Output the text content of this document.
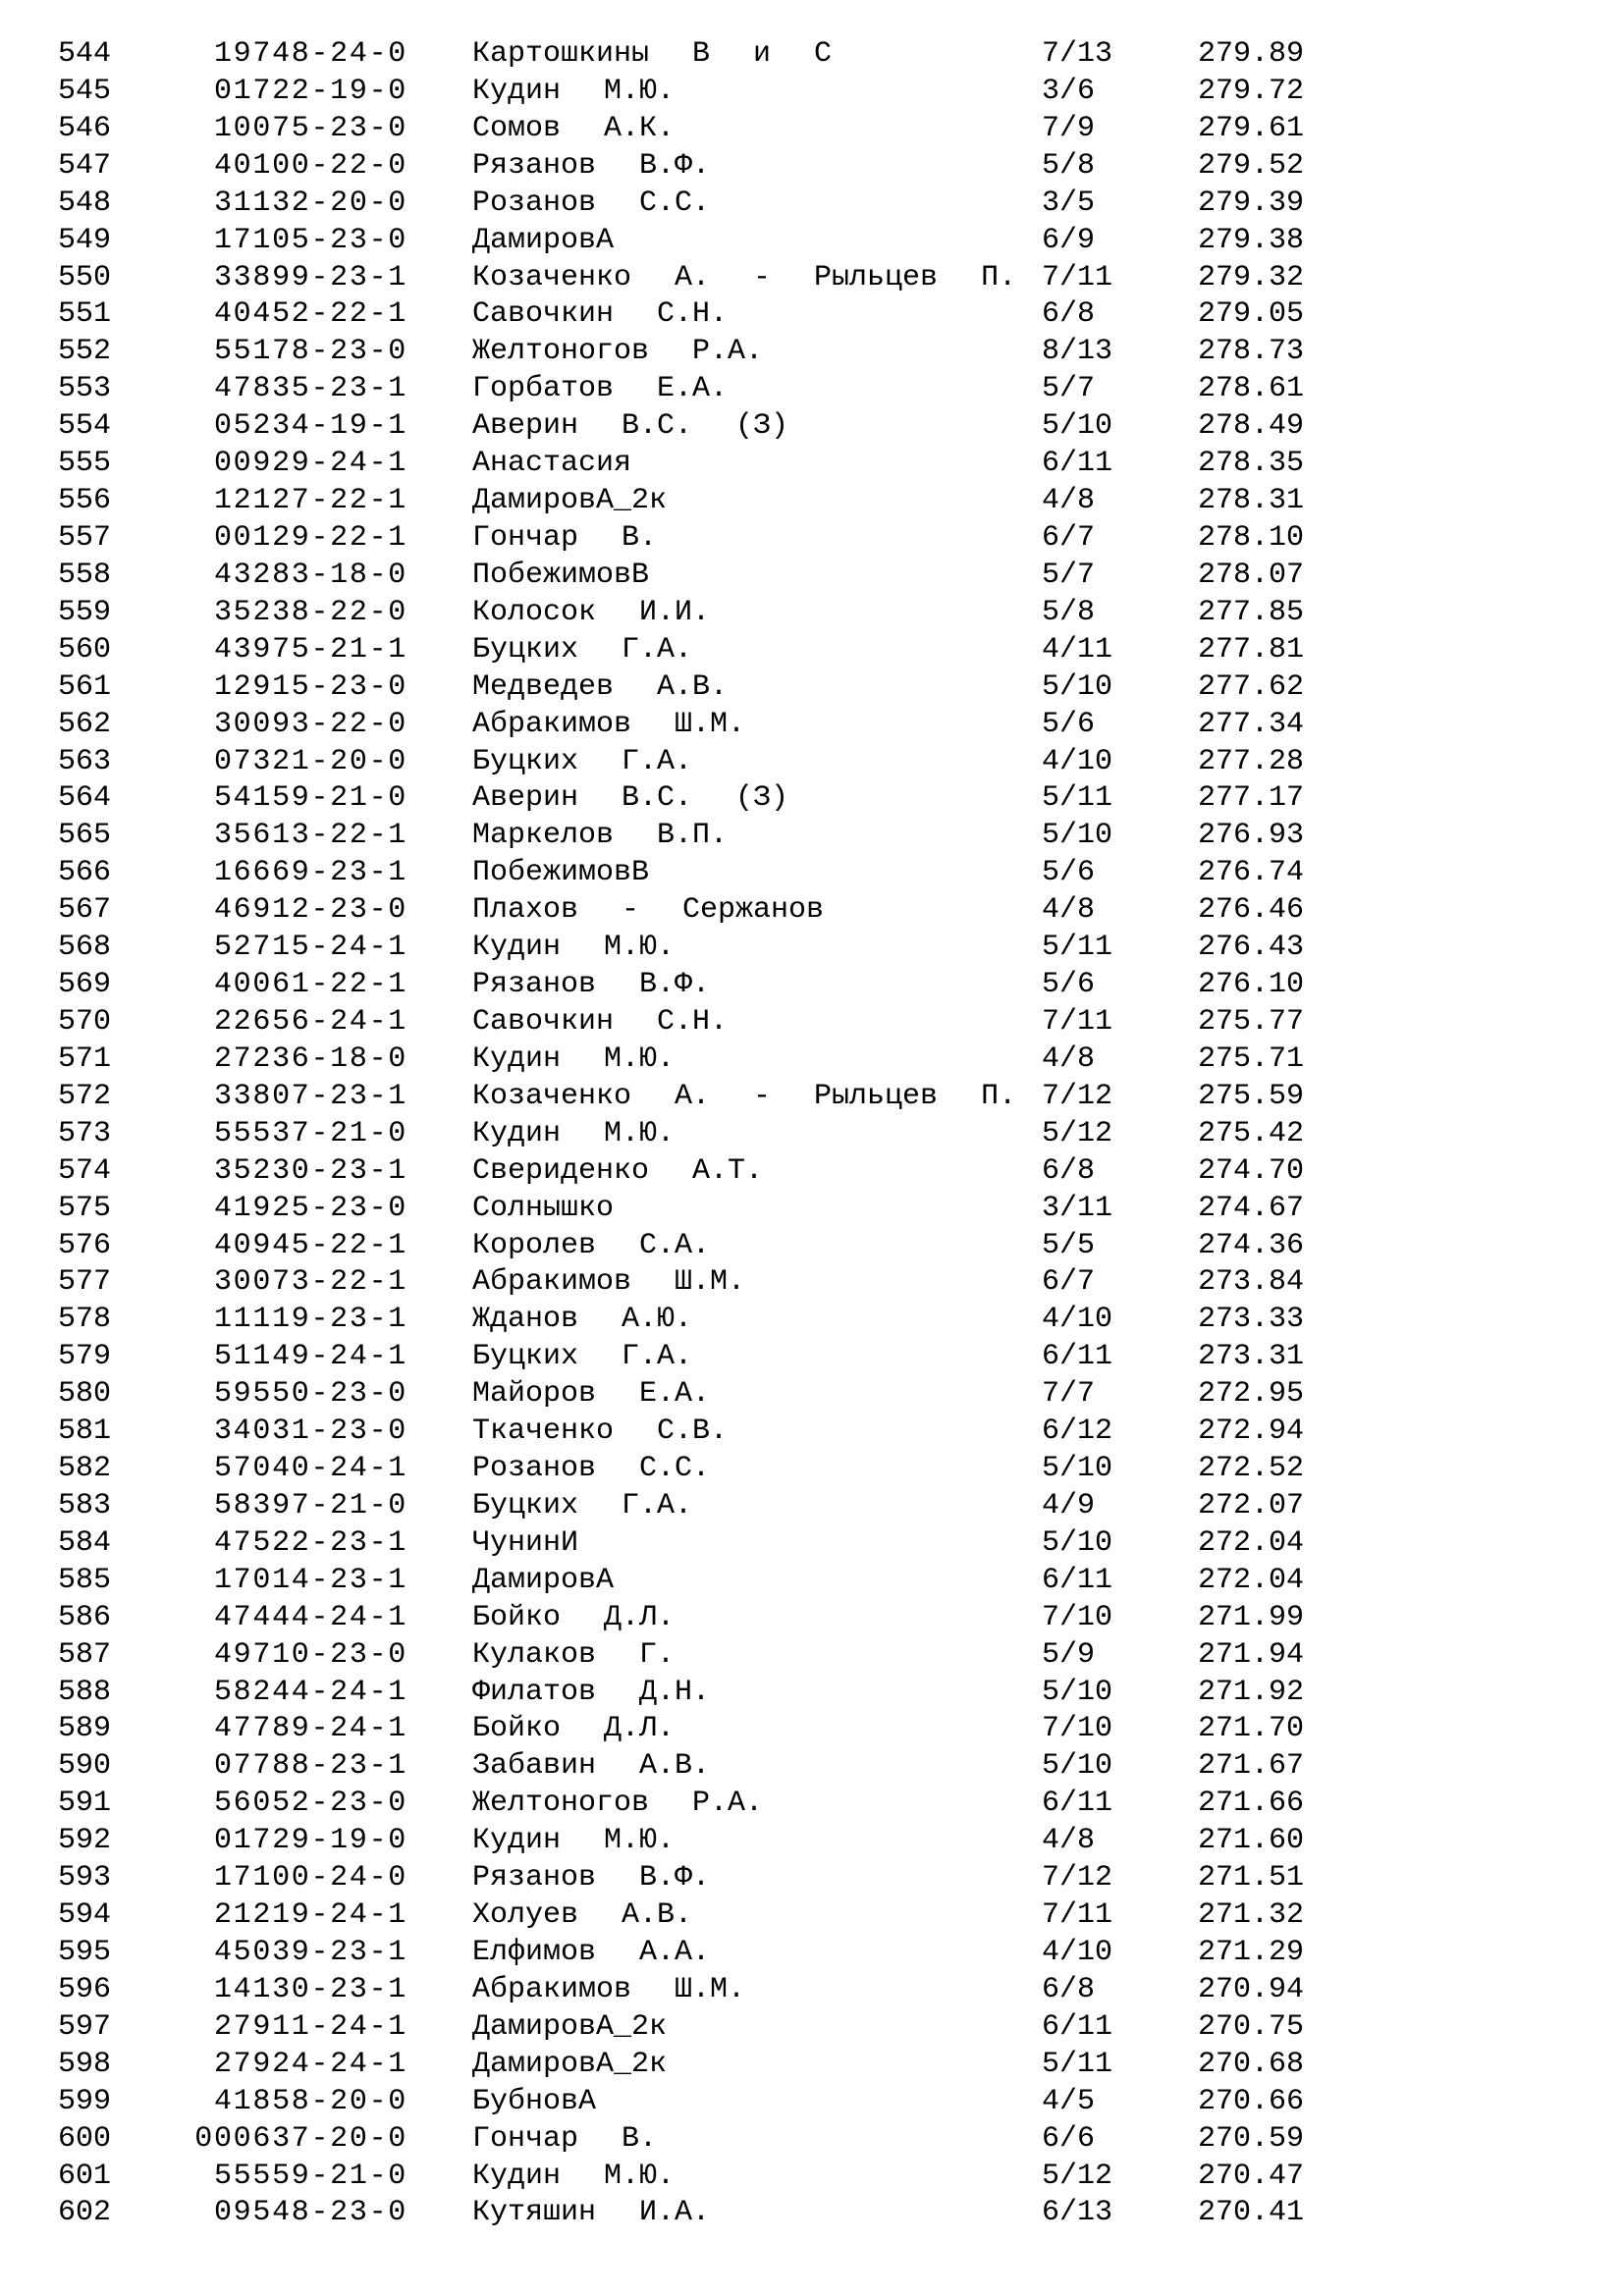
544	19748-24-0 Картошкины В и С	7/13	279.89
545	01722-19-0 Кудин М.Ю.	3/6	279.72
546	10075-23-0 Сомов А.К.	7/9	279.61
547	40100-22-0 Рязанов В.Ф.	5/8	279.52
548	31132-20-0 Розанов С.С.	3/5	279.39
549	17105-23-0 ДамировА	6/9	279.38
550	33899-23-1 Козаченко А. - Рыльцев П. 7/11	279.32
551	40452-22-1 Савочкин С.Н.	6/8	279.05
552	55178-23-0 Желтоногов Р.А.	8/13	278.73
553	47835-23-1 Горбатов Е.А.	5/7	278.61
554	05234-19-1 Аверин В.С. (З)	5/10	278.49
555	00929-24-1 Анастасия	6/11	278.35
556	12127-22-1 ДамировА_2к	4/8	278.31
557	00129-22-1 Гончар В.	6/7	278.10
558	43283-18-0 ПобежимовВ	5/7	278.07
559	35238-22-0 Колосок И.И.	5/8	277.85
560	43975-21-1 Буцких Г.А.	4/11	277.81
561	12915-23-0 Медведев А.В.	5/10	277.62
562	30093-22-0 Абракимов Ш.М.	5/6	277.34
563	07321-20-0 Буцких Г.А.	4/10	277.28
564	54159-21-0 Аверин В.С. (З)	5/11	277.17
565	35613-22-1 Маркелов В.П.	5/10	276.93
566	16669-23-1 ПобежимовВ	5/6	276.74
567	46912-23-0 Плахов - Сержанов	4/8	276.46
568	52715-24-1 Кудин М.Ю.	5/11	276.43
569	40061-22-1 Рязанов В.Ф.	5/6	276.10
570	22656-24-1 Савочкин С.Н.	7/11	275.77
571	27236-18-0 Кудин М.Ю.	4/8	275.71
572	33807-23-1 Козаченко А. - Рыльцев П. 7/12	275.59
573	55537-21-0 Кудин М.Ю.	5/12	275.42
574	35230-23-1 Свериденко А.Т.	6/8	274.70
575	41925-23-0 Солнышко	3/11	274.67
576	40945-22-1 Королев С.А.	5/5	274.36
577	30073-22-1 Абракимов Ш.М.	6/7	273.84
578	11119-23-1 Жданов А.Ю.	4/10	273.33
579	51149-24-1 Буцких Г.А.	6/11	273.31
580	59550-23-0 Майоров Е.А.	7/7	272.95
581	34031-23-0 Ткаченко С.В.	6/12	272.94
582	57040-24-1 Розанов С.С.	5/10	272.52
583	58397-21-0 Буцких Г.А.	4/9	272.07
584	47522-23-1 ЧунинИ	5/10	272.04
585	17014-23-1 ДамировА	6/11	272.04
586	47444-24-1 Бойко Д.Л.	7/10	271.99
587	49710-23-0 Кулаков Г.	5/9	271.94
588	58244-24-1 Филатов Д.Н.	5/10	271.92
589	47789-24-1 Бойко Д.Л.	7/10	271.70
590	07788-23-1 Забавин А.В.	5/10	271.67
591	56052-23-0 Желтоногов Р.А.	6/11	271.66
592	01729-19-0 Кудин М.Ю.	4/8	271.60
593	17100-24-0 Рязанов В.Ф.	7/12	271.51
594	21219-24-1 Холуев А.В.	7/11	271.32
595	45039-23-1 Елфимов А.А.	4/10	271.29
596	14130-23-1 Абракимов Ш.М.	6/8	270.94
597	27911-24-1 ДамировА_2к	6/11	270.75
598	27924-24-1 ДамировА_2к	5/11	270.68
599	41858-20-0 БубновА	4/5	270.66
600	000637-20-0 Гончар В.	6/6	270.59
601	55559-21-0 Кудин М.Ю.	5/12	270.47
602	09548-23-0 Кутяшин И.А.	6/13	270.41
